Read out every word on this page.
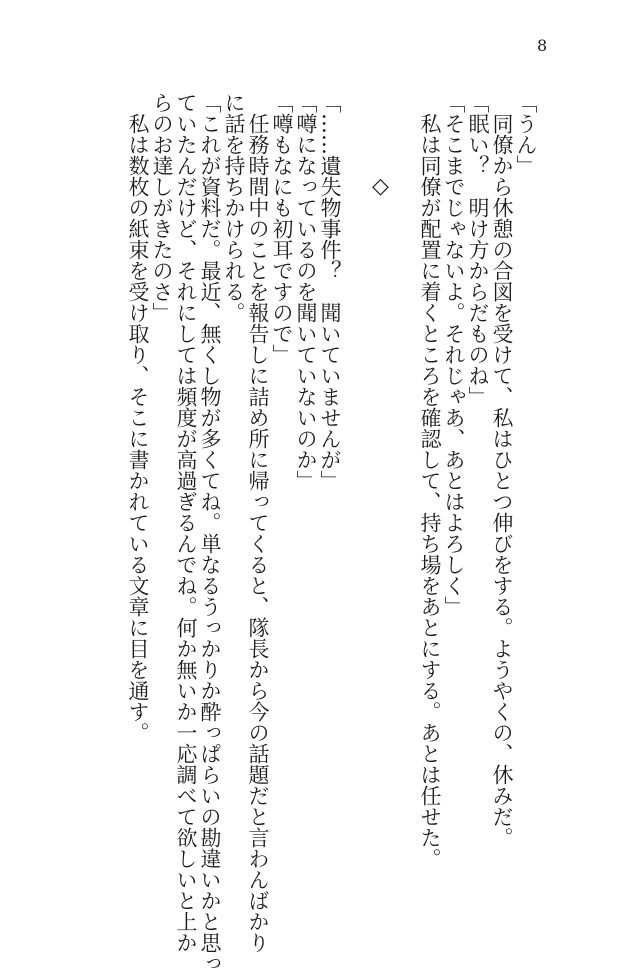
8

「うん」

　同僚から休憩の合図を受けて、私はひとつ伸びをする。ようやくの、休みだ。

「眠い？　明け方からだものね」

「そこまでじゃないよ。それじゃあ、あとはよろしく」

　私は同僚が配置に着くところを確認して、持ち場をあとにする。あとは任せた。

◇

「……遺失物事件？　聞いていませんが」

「噂になっているのを聞いていないのか」

「噂もなにも初耳ですので」

　任務時間中のことを報告しに詰め所に帰ってくると、隊長から今の話題だと言わんばかり

に話を持ちかけられる。

「これが資料だ。最近、無くし物が多くてね。単なるうっかりか酔っぱらいの勘違いかと思っ

ていたんだけど、それにしては頻度が高過ぎるんでね。何か無いか一応調べて欲しいと上か

らのお達しがきたのさ」

　私は数枚の紙束を受け取り、そこに書かれている文章に目を通す。
